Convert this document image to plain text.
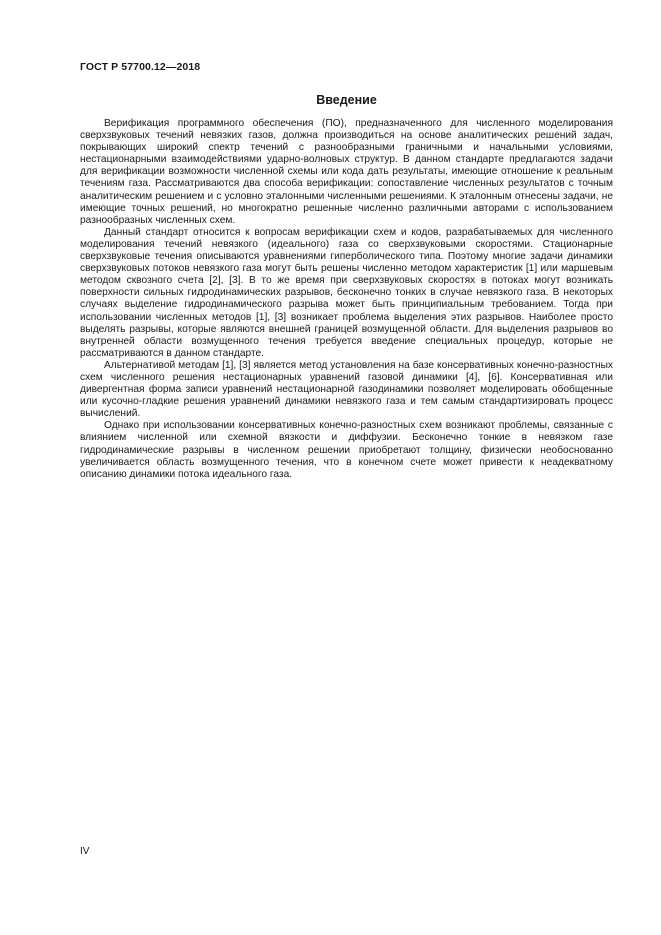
ГОСТ Р 57700.12—2018
Введение

Верификация программного обеспечения (ПО), предназначенного для численного моделирования сверхзвуковых течений невязких газов, должна производиться на основе аналитических решений задач, покрывающих широкий спектр течений с разнообразными граничными и начальными условиями, нестационарными взаимодействиями ударно-волновых структур. В данном стандарте предлагаются задачи для верификации возможности численной схемы или кода дать результаты, имеющие отношение к реальным течениям газа. Рассматриваются два способа верификации: сопоставление численных результатов с точным аналитическим решением и с условно эталонными численными решениями. К эталонным отнесены задачи, не имеющие точных решений, но многократно решенные численно различными авторами с использованием разнообразных численных схем.

Данный стандарт относится к вопросам верификации схем и кодов, разрабатываемых для численного моделирования течений невязкого (идеального) газа со сверхзвуковыми скоростями. Стационарные сверхзвуковые течения описываются уравнениями гиперболического типа. Поэтому многие задачи динамики сверхзвуковых потоков невязкого газа могут быть решены численно методом характеристик [1] или маршевым методом сквозного счета [2], [3]. В то же время при сверхзвуковых скоростях в потоках могут возникать поверхности сильных гидродинамических разрывов, бесконечно тонких в случае невязкого газа. В некоторых случаях выделение гидродинамического разрыва может быть принципиальным требованием. Тогда при использовании численных методов [1], [3] возникает проблема выделения этих разрывов. Наиболее просто выделять разрывы, которые являются внешней границей возмущенной области. Для выделения разрывов во внутренней области возмущенного течения требуется введение специальных процедур, которые не рассматриваются в данном стандарте.

Альтернативой методам [1], [3] является метод установления на базе консервативных конечно-разностных схем численного решения нестационарных уравнений газовой динамики [4], [6]. Консервативная или дивергентная форма записи уравнений нестационарной газодинамики позволяет моделировать обобщенные или кусочно-гладкие решения уравнений динамики невязкого газа и тем самым стандартизировать процесс вычислений.

Однако при использовании консервативных конечно-разностных схем возникают проблемы, связанные с влиянием численной или схемной вязкости и диффузии. Бесконечно тонкие в невязком газе гидродинамические разрывы в численном решении приобретают толщину, физически необоснованно увеличивается область возмущенного течения, что в конечном счете может привести к неадекватному описанию динамики потока идеального газа.

IV
